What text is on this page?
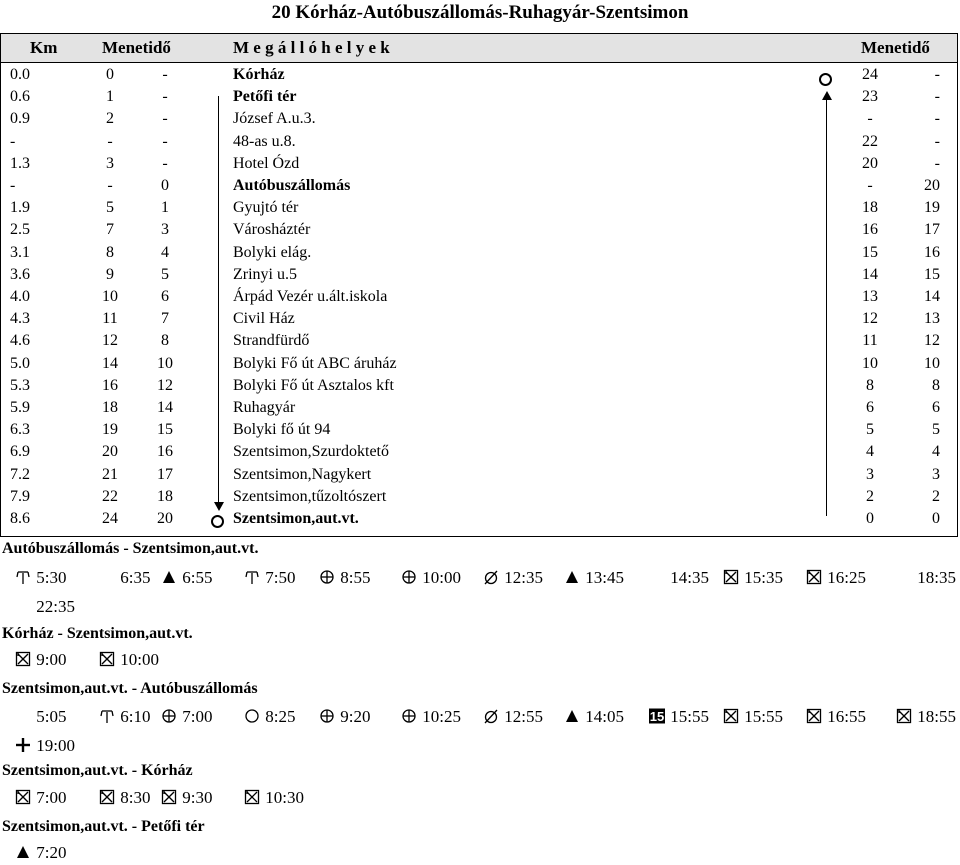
20 Kórház-Autóbuszállomás-Ruhagyár-Szentsimon
Km	Menetidő	M e g á l l ó h e l y e k	Menetidő
0.0	0	-	Kórház	24	-
0.6	1	-	Petőfi tér	23	-
0.9	2	-	József A.u.3.	-	-
-	-	-	48-as u.8.	22	-
1.3	3	-	Hotel Ózd	20	-
-	-	0	Autóbuszállomás	-	20
1.9	5	1	Gyujtó tér	18	19
2.5	7	3	Városháztér	16	17
3.1	8	4	Bolyki elág.	15	16
3.6	9	5	Zrinyi u.5	14	15
4.0	10	6	Árpád Vezér u.ált.iskola	13	14
4.3	11	7	Civil Ház	12	13
4.6	12	8	Strandfürdő	11	12
5.0	14	10	Bolyki Fő út ABC áruház	10	10
5.3	16	12	Bolyki Fő út Asztalos kft	8	8
5.9	18	14	Ruhagyár	6	6
6.3	19	15	Bolyki fő út 94	5	5
6.9	20	16	Szentsimon,Szurdoktető	4	4
7.2	21	17	Szentsimon,Nagykert	3	3
7.9	22	18	Szentsimon,tűzoltószert	2	2
8.6	24	20	Szentsimon,aut.vt.	0	0
Autóbuszállomás - Szentsimon,aut.vt.
5:30	6:35	6:55	7:50	8:55	10:00	12:35	13:45	14:35	15:35	16:25	18:35
22:35
Kórház - Szentsimon,aut.vt.
9:00	10:00
Szentsimon,aut.vt. - Autóbuszállomás
5:05	6:10	7:00	8:25	9:20	10:25	12:55	14:05 15 15:55	15:55	16:55	18:55
19:00
Szentsimon,aut.vt. - Kórház
7:00	8:30	9:30	10:30
Szentsimon,aut.vt. - Petőfi tér
7:20
